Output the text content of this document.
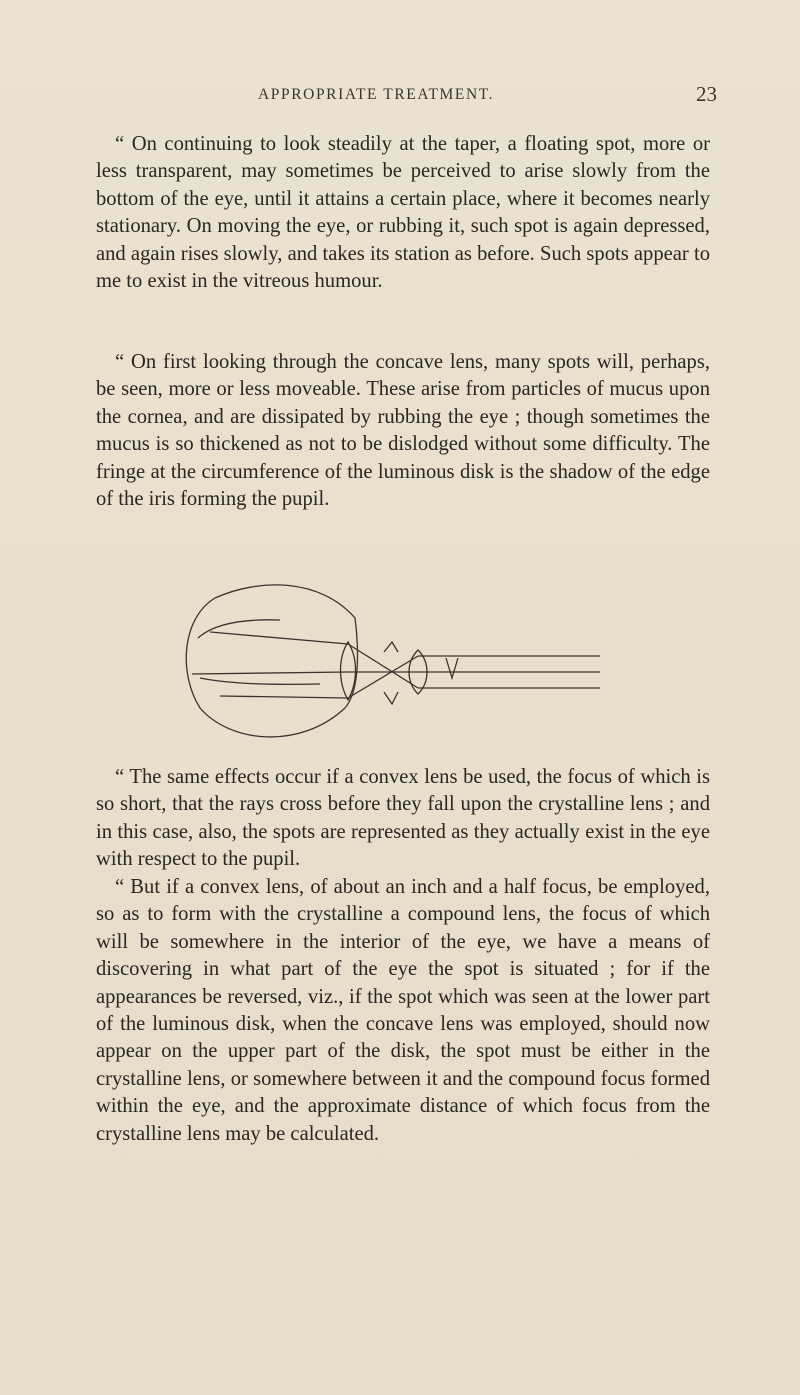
APPROPRIATE TREATMENT.	23

“ On continuing to look steadily at the taper, a floating spot, more or less transparent, may sometimes be perceived to arise slowly from the bottom of the eye, until it attains a certain place, where it becomes nearly stationary. On moving the eye, or rubbing it, such spot is again depressed, and again rises slowly, and takes its station as before. Such spots appear to me to exist in the vitreous humour.

“ On first looking through the concave lens, many spots will, perhaps, be seen, more or less moveable. These arise from particles of mucus upon the cornea, and are dissipated by rubbing the eye ; though sometimes the mucus is so thickened as not to be dislodged without some difficulty. The fringe at the circumference of the luminous disk is the shadow of the edge of the iris forming the pupil.

“ The same effects occur if a convex lens be used, the focus of which is so short, that the rays cross before they fall upon the crystalline lens ; and in this case, also, the spots are represented as they actually exist in the eye with respect to the pupil.

“ But if a convex lens, of about an inch and a half focus, be employed, so as to form with the crystalline a compound lens, the focus of which will be somewhere in the interior of the eye, we have a means of discovering in what part of the eye the spot is situated ; for if the appearances be reversed, viz., if the spot which was seen at the lower part of the luminous disk, when the concave lens was employed, should now appear on the upper part of the disk, the spot must be either in the crystalline lens, or somewhere between it and the compound focus formed within the eye, and the approximate distance of which focus from the crystalline lens may be calculated.
